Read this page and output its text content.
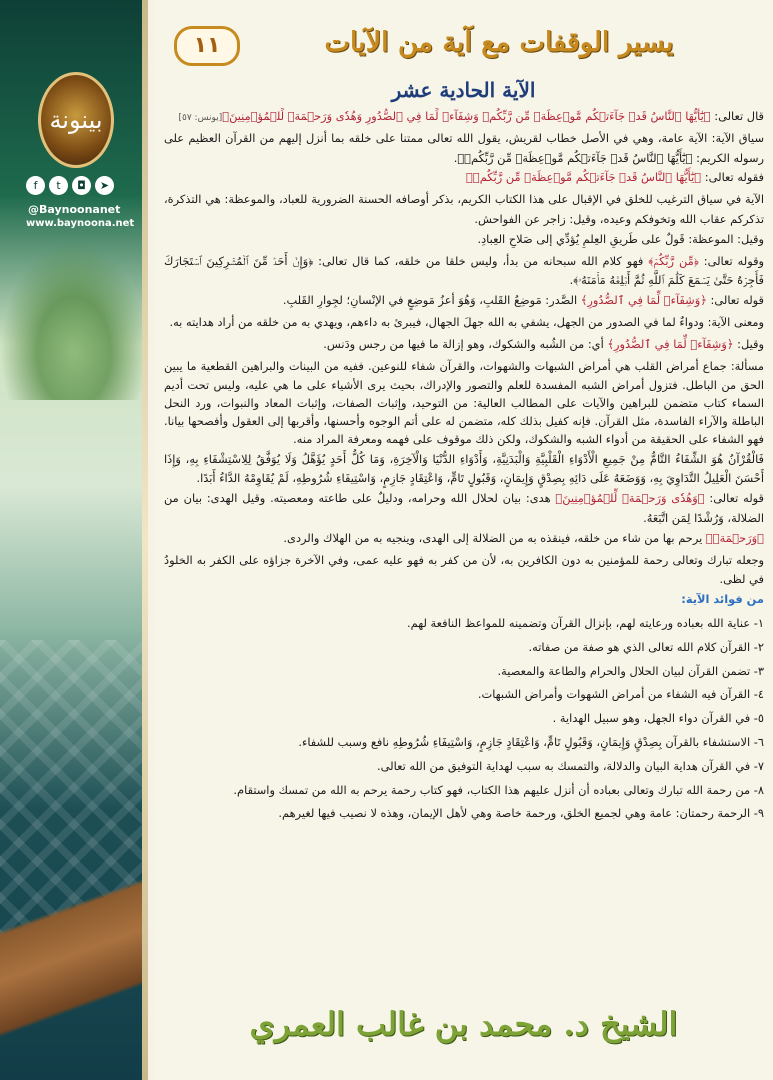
بينونة
f	t	◘	➤
@Baynoonanet
www.baynoona.net
يسير الوقفات مع آية من الآيات
١١
الآية الحادية عشر

قال تعالى: ﴿يَٰٓأَيُّهَا ٱلنَّاسُ قَدۡ جَآءَتۡكُم مَّوۡعِظَةٞ مِّن رَّبِّكُمۡ وَشِفَآءٞ لِّمَا فِي ٱلصُّدُورِ وَهُدٗى وَرَحۡمَةٞ لِّلۡمُؤۡمِنِينَ﴾[يونس: ٥٧]

سياق الآية: الآية عامة، وهي في الأصل خطاب لقريش، يقول الله تعالى ممتنا على خلقه بما أنزل إليهم من القرآن العظيم على رسوله الكريم: ﴿يَٰٓأَيُّهَا ٱلنَّاسُ قَدۡ جَآءَتۡكُم مَّوۡعِظَةٞ مِّن رَّبِّكُمۡ﴾.

فقوله تعالى: ﴿يَٰٓأَيُّهَا ٱلنَّاسُ قَدۡ جَآءَتۡكُم مَّوۡعِظَةٞ مِّن رَّبِّكُمۡ﴾

الآية في سياق الترغيب للخلق في الإقبال على هذا الكتاب الكريم، بذكر أوصافه الحسنة الضرورية للعباد، والموعظة: هي التذكرة، تذكركم عقاب الله وتخوفكم وعيده، وقيل: زاجر عن الفواحش.

وقيل: الموعظة: قَولٌ على طَريقِ العِلمِ يُؤدِّي إلى صَلاحِ العِبادِ.

وقوله تعالى: ﴿مِّن رَّبِّكُمۡ﴾ فهو كلام الله سبحانه من بدأ، وليس خلقا من خلقه، كما قال تعالى: ﴿وَإِنۡ أَحَدٞ مِّنَ ٱلۡمُشۡرِكِينَ ٱسۡتَجَارَكَ فَأَجِرۡهُ حَتَّىٰ يَسۡمَعَ كَلَٰمَ ٱللَّهِ ثُمَّ أَبۡلِغۡهُ مَأۡمَنَهُۥ﴾.

قوله تعالى: ﴿وَشِفَآءٞ لِّمَا فِي ٱلصُّدُورِ﴾ الصَّدر: مَوضِعُ القَلبِ، وَهُوَ أعزُ مَوضِعٍ في الإنْسانِ؛ لجِوارِ القَلبِ.

ومعنى الآية: ودواءٌ لما في الصدور من الجهل، يشفي به الله جهلَ الجهال، فيبرئ به داءهم، ويهدي به من خلقه من أراد هدايته به.

وقيل: ﴿وَشِفَآءٞ لِّمَا فِي ٱلصُّدُورِ﴾ أي: من الشُبه والشكوك، وهو إزالة ما فيها من رجس ودَنس.

مسألة: جماع أمراض القلب هي أمراض الشبهات والشهوات، والقرآن شفاء للنوعين. ففيه من البينات والبراهين القطعية ما يبين الحق من الباطل. فتزول أمراض الشبه المفسدة للعلم والتصور والإدراك، بحيث يرى الأشياء على ما هي عليه، وليس تحت أديم السماء كتاب متضمن للبراهين والآيات على المطالب العالية: من التوحيد، وإثبات الصفات، وإثبات المعاد والنبوات، ورد النحل الباطلة والآراء الفاسدة، مثل القرآن. فإنه كفيل بذلك كله، متضمن له على أتم الوجوه وأحسنها، وأقربها إلى العقول وأفصحها بيانا. فهو الشفاء على الحقيقة من أدواء الشبه والشكوك، ولكن ذلك موقوف على فهمه ومعرفة المراد منه.

فَالْقُرْآنُ هُوَ الشِّفَاءُ التَّامُّ مِنْ جَمِيعِ الْأَدْوَاءِ الْقَلْبِيَّةِ وَالْبَدَنِيَّةِ، وَأَدْوَاءِ الدُّنْيَا وَالْآخِرَةِ، وَمَا كُلُّ أَحَدٍ يُؤَهَّلُ وَلَا يُوَفَّقُ لِلِاسْتِشْفَاءِ بِهِ، وَإِذَا أَحْسَنَ الْعَلِيلُ التَّدَاوِيَ بِهِ، وَوَضَعَهُ عَلَى دَائِهِ بِصِدْقٍ وَإِيمَانٍ، وَقَبُولٍ تَامٍّ، وَاعْتِقَادٍ جَازِمٍ، وَاسْتِيفَاءِ شُرُوطِهِ، لَمْ يُقَاوِمْهُ الدَّاءُ أَبَدًا.

قوله تعالى: ﴿وَهُدٗى وَرَحۡمَةٞ لِّلۡمُؤۡمِنِينَ﴾ هدى: بيان لحلال الله وحرامه، ودليلٌ على طاعته ومعصيته. وقيل الهدى: بيان من الضلالة، وَرُشْدًا لِمَن اتَّبَعَهُ.

﴿وَرَحۡمَةٞ﴾ يرحم بها من شاء من خلقه، فينقذه به من الضلالة إلى الهدى، وينجيه به من الهلاك والردى.

وجعله تبارك وتعالى رحمة للمؤمنين به دون الكافرين به، لأن من كفر به فهو عليه عمى، وفي الآخرة جزاؤه على الكفر به الخلودُ في لظى.

من فوائد الآية:

١- عناية الله بعباده ورعايته لهم، بإنزال القرآن وتضمينه للمواعظ النافعة لهم.
٢- القرآن كلام الله تعالى الذي هو صفة من صفاته.
٣- تضمن القرآن لبيان الحلال والحرام والطاعة والمعصية.
٤- القرآن فيه الشفاء من أمراض الشهوات وأمراض الشبهات.
٥- في القرآن دواء الجهل، وهو سبيل الهداية .
٦- الاستشفاء بالقرآن بِصِدْقٍ وَإِيمَانٍ، وَقَبُولٍ تَامٍّ، وَاعْتِقَادٍ جَازِمٍ، وَاسْتِيفَاءِ شُرُوطِهِ نافع وسبب للشفاء.
٧- في القرآن هداية البيان والدلالة، والتمسك به سبب لهداية التوفيق من الله تعالى.
٨- من رحمة الله تبارك وتعالى بعباده أن أنزل عليهم هذا الكتاب، فهو كتاب رحمة يرحم به الله من تمسك واستقام.
٩- الرحمة رحمتان: عامة وهي لجميع الخلق، ورحمة خاصة وهي لأهل الإيمان، وهذه لا نصيب فيها لغيرهم.
الشيخ د. محمد بن غالب العمري
